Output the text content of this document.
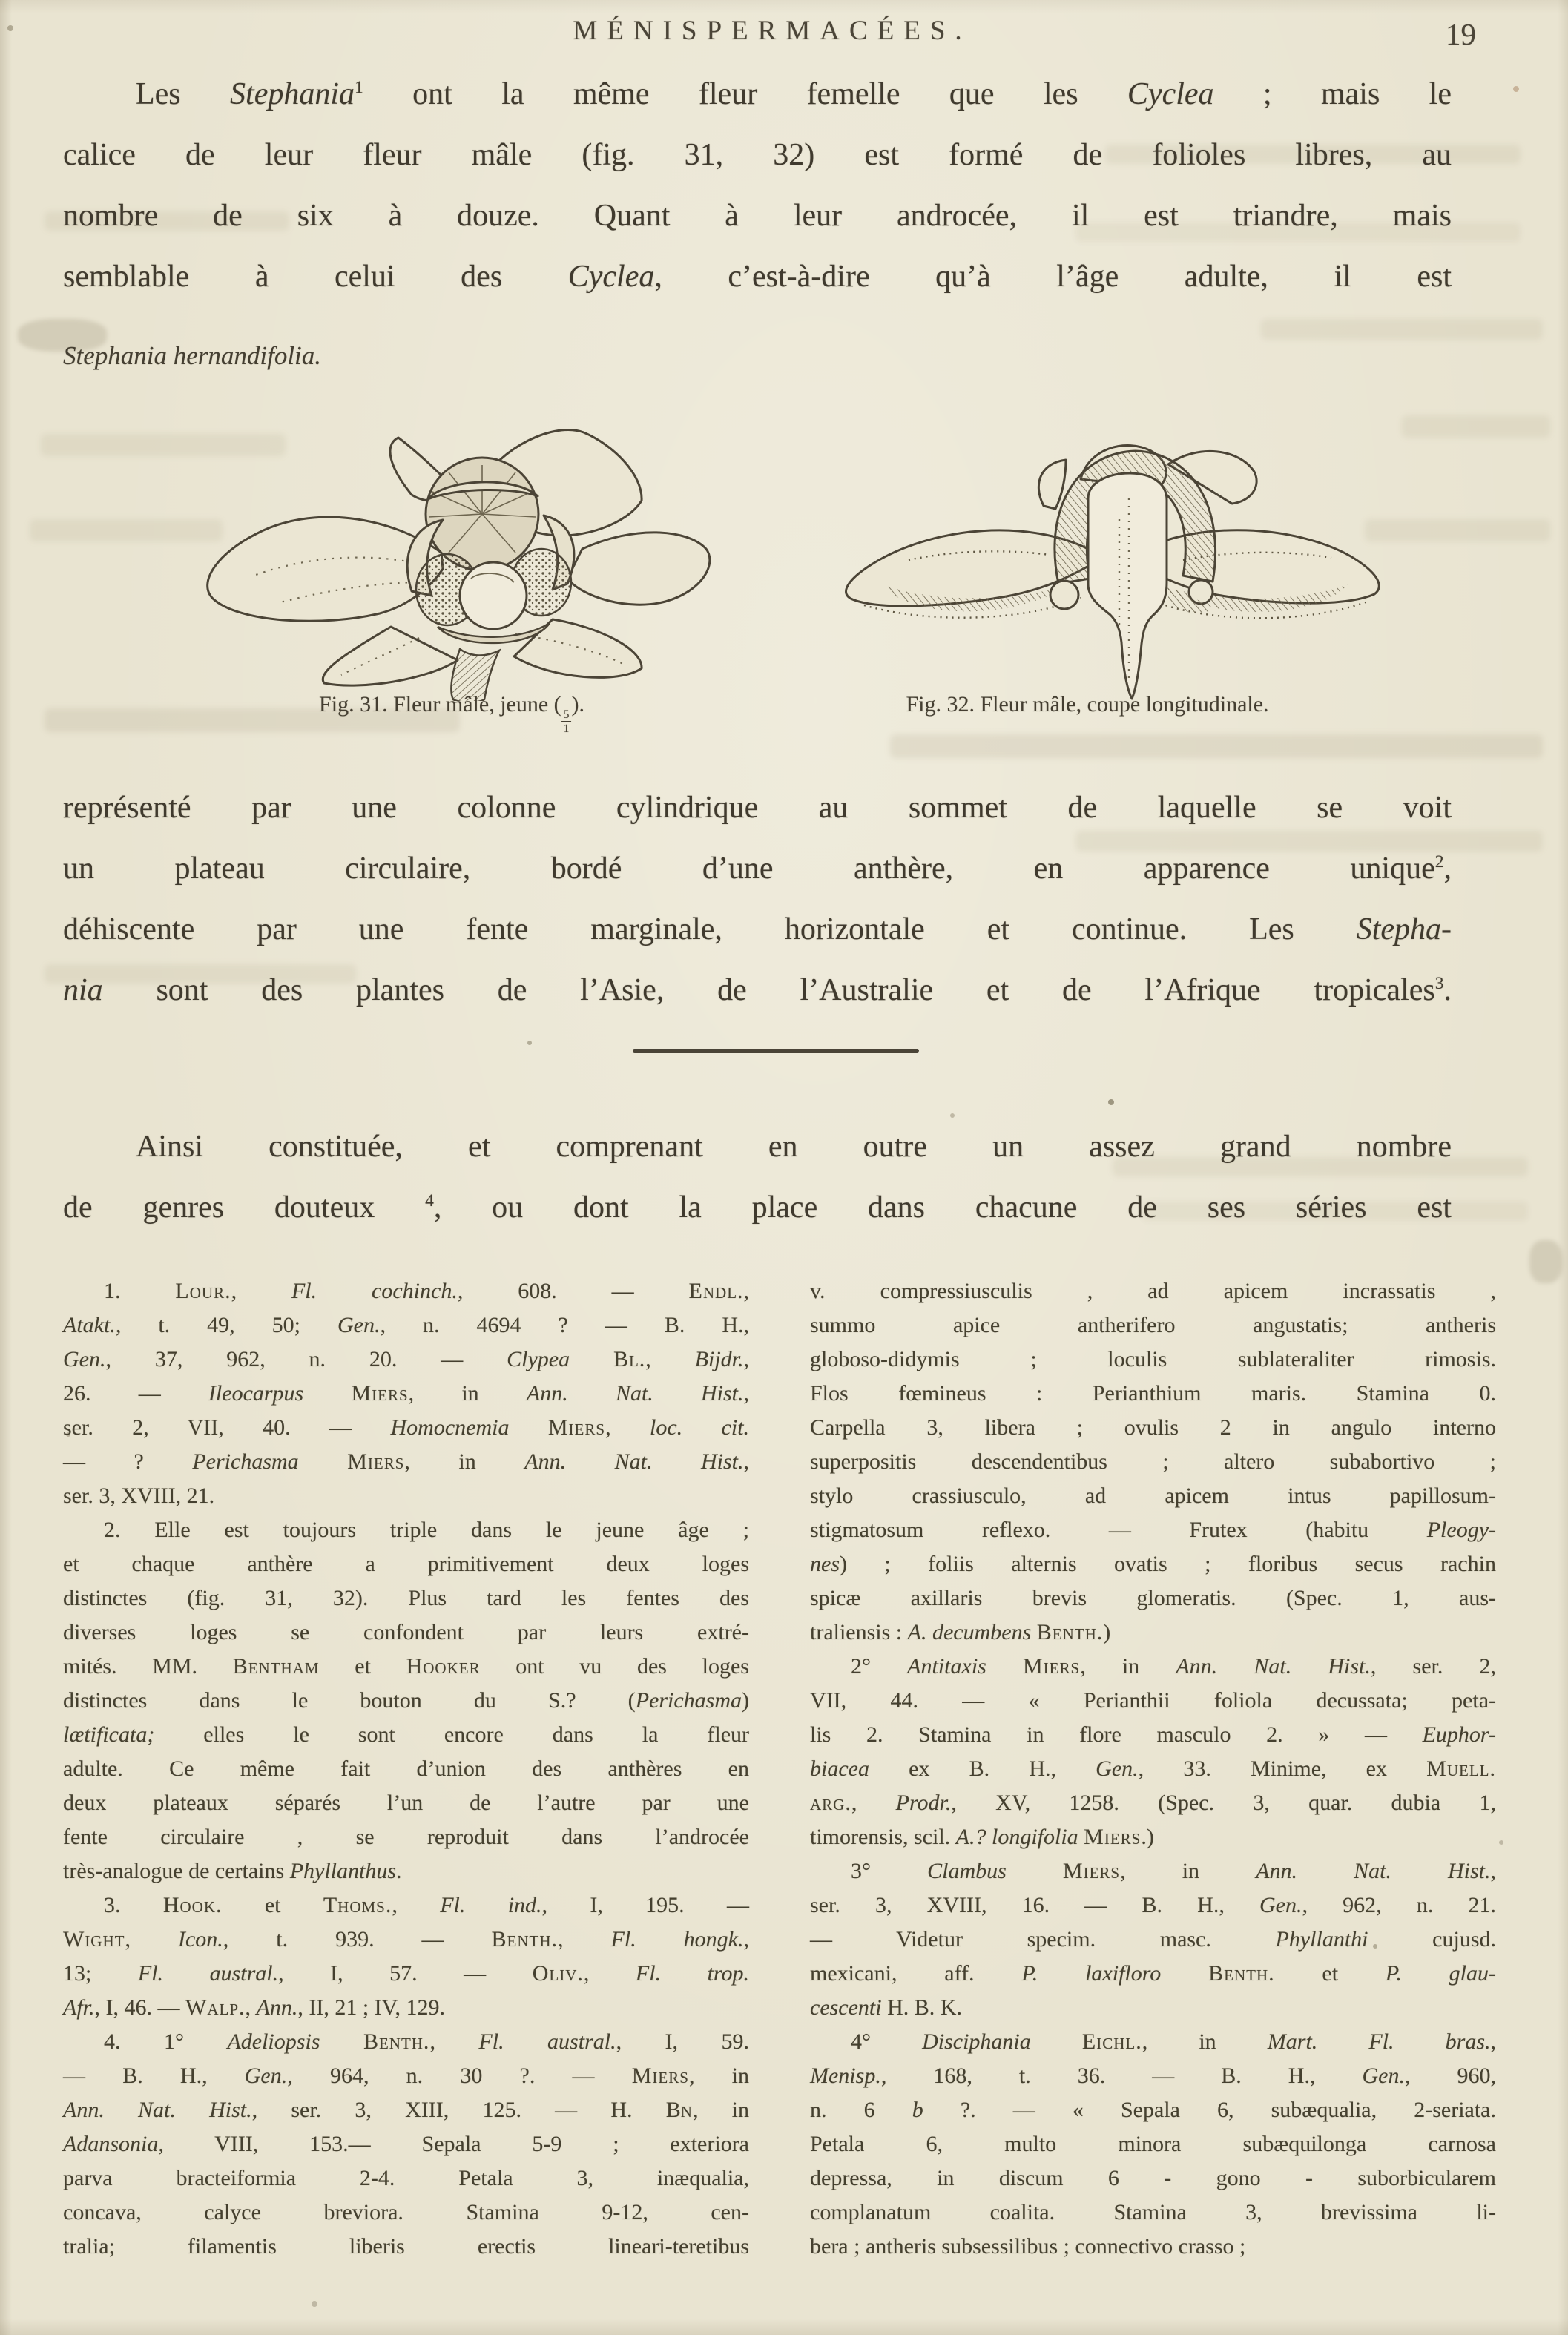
MÉNISPERMACÉES.	19
Les Stephania$^1$ ont la même fleur femelle que les Cyclea ; mais le
calice de leur fleur mâle (fig. 31, 32) est formé de folioles libres, au
nombre de six à douze. Quant à leur androcée, il est triandre, mais
semblable à celui des Cyclea, c’est-à-dire qu’à l’âge adulte, il est
Stephania hernandifolia.
Fig. 31. Fleur mâle, jeune (
$\frac{5}{1}$
).	Fig. 32. Fleur mâle, coupe longitudinale.
représenté par une colonne cylindrique au sommet de laquelle se voit
un plateau circulaire, bordé d’une anthère, en apparence unique$^2$,
déhiscente par une fente marginale, horizontale et continue. Les Stepha-
nia sont des plantes de l’Asie, de l’Australie et de l’Afrique tropicales$^3$.
Ainsi constituée, et comprenant en outre un assez grand nombre
de genres douteux $^4$, ou dont la place dans chacune de ses séries est
1. Lour., Fl. cochinch., 608. — Endl.,
Atakt., t. 49, 50; Gen., n. 4694 ? — B. H.,
Gen., 37, 962, n. 20. — Clypea Bl., Bijdr.,
26. — Ileocarpus Miers, in Ann. Nat. Hist.,
ser. 2, VII, 40. — Homocnemia Miers, loc. cit.
— ? Perichasma Miers, in Ann. Nat. Hist.,
ser. 3, XVIII, 21.
2. Elle est toujours triple dans le jeune âge ;
et chaque anthère a primitivement deux loges
distinctes (fig. 31, 32). Plus tard les fentes des
diverses loges se confondent par leurs extré-
mités. MM. Bentham et Hooker ont vu des loges
distinctes dans le bouton du S.? (Perichasma)
lætificata; elles le sont encore dans la fleur
adulte. Ce même fait d’union des anthères en
deux plateaux séparés l’un de l’autre par une
fente circulaire , se reproduit dans l’androcée
très-analogue de certains Phyllanthus.
3. Hook. et Thoms., Fl. ind., I, 195. —
Wight, Icon., t. 939. — Benth., Fl. hongk.,
13; Fl. austral., I, 57. — Oliv., Fl. trop.
Afr., I, 46. — Walp., Ann., II, 21 ; IV, 129.
4. 1° Adeliopsis Benth., Fl. austral., I, 59.
— B. H., Gen., 964, n. 30 ?. — Miers, in
Ann. Nat. Hist., ser. 3, XIII, 125. — H. Bn, in
Adansonia, VIII, 153.— Sepala 5-9 ; exteriora
parva bracteiformia 2-4. Petala 3, inæqualia,
concava, calyce breviora. Stamina 9-12, cen-
tralia; filamentis liberis erectis lineari-teretibus
v. compressiusculis , ad apicem incrassatis ,
summo apice antherifero angustatis; antheris
globoso-didymis ; loculis sublateraliter rimosis.
Flos fœmineus : Perianthium maris. Stamina 0.
Carpella 3, libera ; ovulis 2 in angulo interno
superpositis descendentibus ; altero subabortivo ;
stylo crassiusculo, ad apicem intus papillosum-
stigmatosum reflexo. — Frutex (habitu Pleogy-
nes) ; foliis alternis ovatis ; floribus secus rachin
spicæ axillaris brevis glomeratis. (Spec. 1, aus-
traliensis : A. decumbens Benth.)
2° Antitaxis Miers, in Ann. Nat. Hist., ser. 2,
VII, 44. — « Perianthii foliola decussata; peta-
lis 2. Stamina in flore masculo 2. » — Euphor-
biacea ex B. H., Gen., 33. Minime, ex Muell.
arg., Prodr., XV, 1258. (Spec. 3, quar. dubia 1,
timorensis, scil. A.? longifolia Miers.)
3° Clambus	Miers, in Ann. Nat. Hist.,
ser. 3, XVIII, 16. — B. H., Gen., 962, n. 21.
— Videtur specim. masc. Phyllanthi cujusd.
mexicani, aff. P. laxifloro Benth. et P. glau-
cescenti H. B. K.
4° Disciphania Eichl., in Mart. Fl. bras.,
Menisp., 168, t. 36. — B. H., Gen., 960,
n. 6 b ?. — « Sepala 6, subæqualia, 2-seriata.
Petala 6, multo minora subæquilonga carnosa
depressa, in discum 6 - gono - suborbicularem
complanatum coalita. Stamina 3, brevissima li-
bera ; antheris subsessilibus ; connectivo crasso ;
